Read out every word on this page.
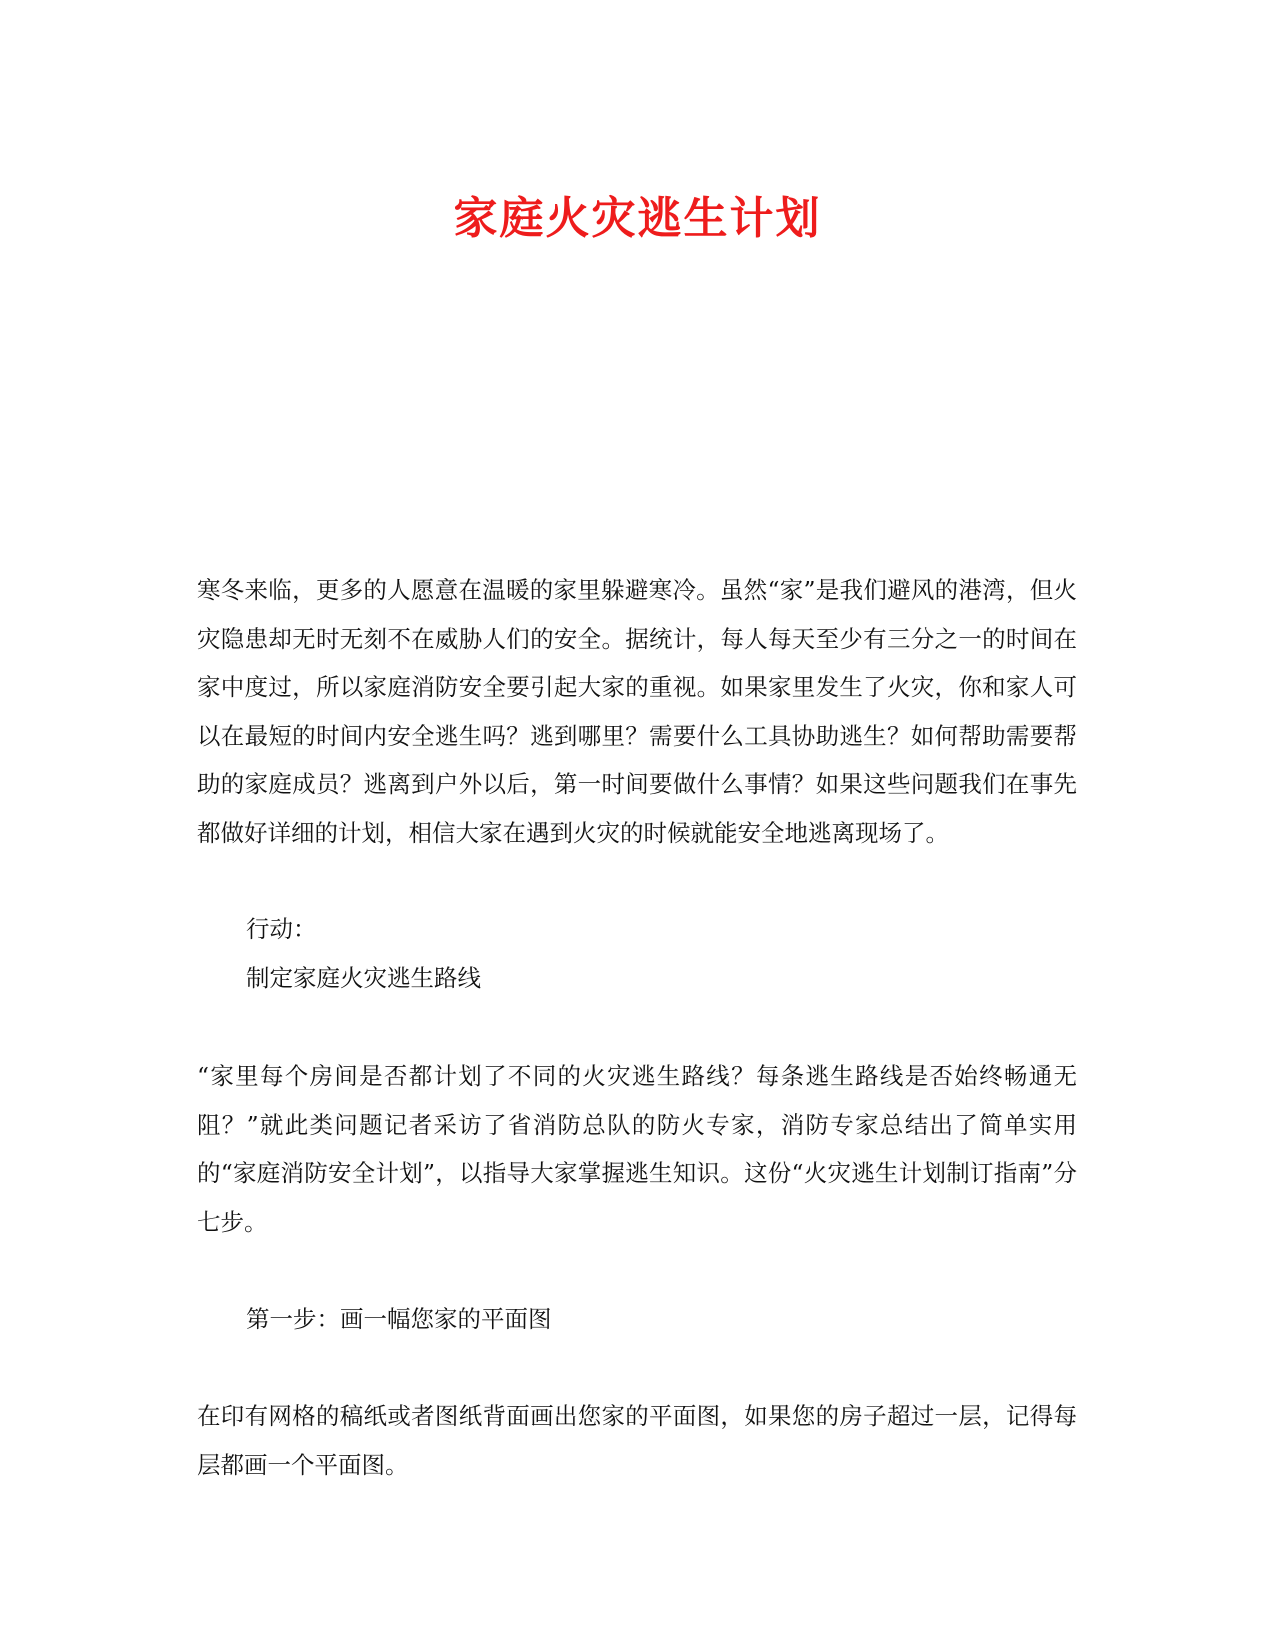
家庭火灾逃生计划

寒冬来临，更多的人愿意在温暖的家里躲避寒冷。虽然“家”是我们避风的港湾，但火灾隐患却无时无刻不在威胁人们的安全。据统计，每人每天至少有三分之一的时间在家中度过，所以家庭消防安全要引起大家的重视。如果家里发生了火灾，你和家人可以在最短的时间内安全逃生吗？逃到哪里？需要什么工具协助逃生？如何帮助需要帮助的家庭成员？逃离到户外以后，第一时间要做什么事情？如果这些问题我们在事先都做好详细的计划，相信大家在遇到火灾的时候就能安全地逃离现场了。

行动：

制定家庭火灾逃生路线

“家里每个房间是否都计划了不同的火灾逃生路线？每条逃生路线是否始终畅通无阻？”就此类问题记者采访了省消防总队的防火专家，消防专家总结出了简单实用的“家庭消防安全计划”，以指导大家掌握逃生知识。这份“火灾逃生计划制订指南”分七步。

第一步：画一幅您家的平面图

在印有网格的稿纸或者图纸背面画出您家的平面图，如果您的房子超过一层，记得每层都画一个平面图。
